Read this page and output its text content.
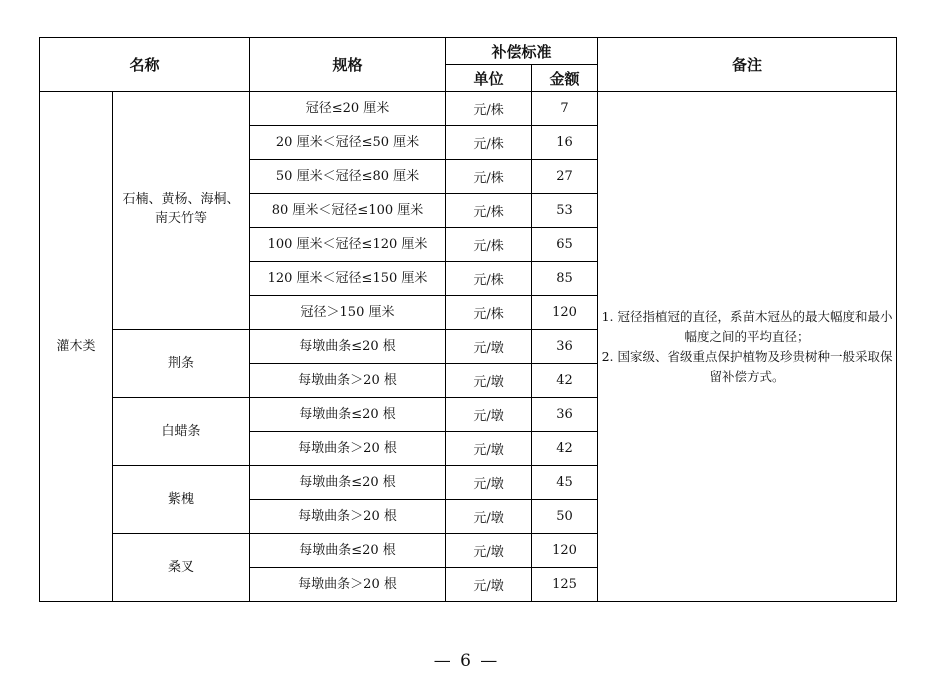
名称		规格	补偿标准		备注
			单位	金额	
灌木类	石楠、黄杨、海桐、南天竹等	冠径≤20 厘米	元/株	7	1. 冠径指植冠的直径，系苗木冠丛的最大幅度和最小幅度之间的平均直径；
2. 国家级、省级重点保护植物及珍贵树种一般采取保留补偿方式。

		20 厘米＜冠径≤50 厘米	元/株	16	
		50 厘米＜冠径≤80 厘米	元/株	27	
		80 厘米＜冠径≤100 厘米	元/株	53	
		100 厘米＜冠径≤120 厘米	元/株	65	
		120 厘米＜冠径≤150 厘米	元/株	85	
		冠径＞150 厘米	元/株	120	
	荆条	每墩曲条≤20 根	元/墩	36	
		每墩曲条＞20 根	元/墩	42	
	白蜡条	每墩曲条≤20 根	元/墩	36	
		每墩曲条＞20 根	元/墩	42	
	紫槐	每墩曲条≤20 根	元/墩	45	
		每墩曲条＞20 根	元/墩	50	
	桑叉	每墩曲条≤20 根	元/墩	120	
		每墩曲条＞20 根	元/墩	125	
— 6 —
